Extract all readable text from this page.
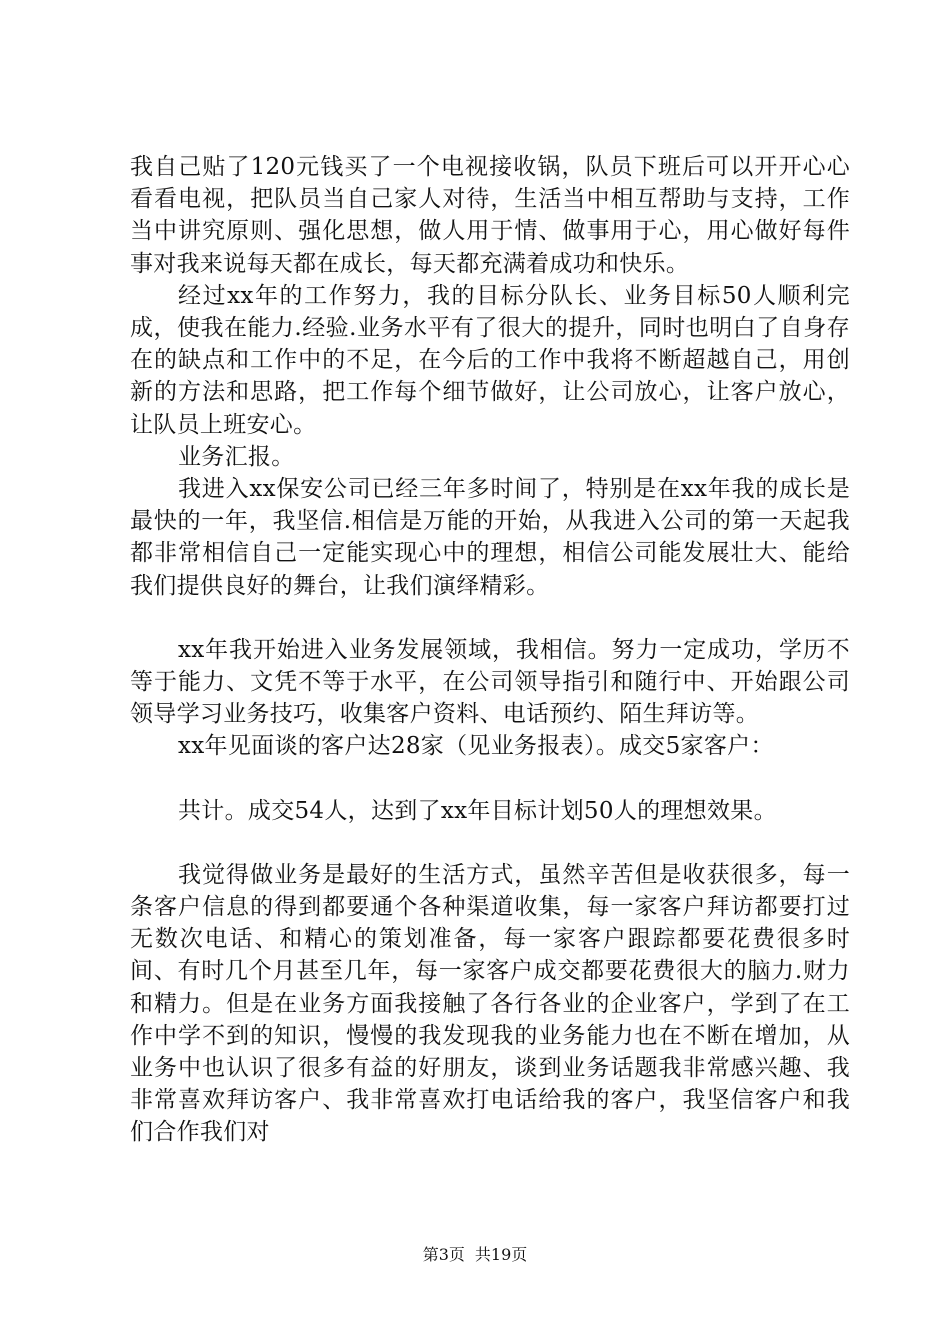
我自己贴了120元钱买了一个电视接收锅，队员下班后可以开开心心看看电视，把队员当自己家人对待，生活当中相互帮助与支持，工作当中讲究原则、强化思想，做人用于情、做事用于心，用心做好每件事对我来说每天都在成长，每天都充满着成功和快乐。

经过xx年的工作努力，我的目标分队长、业务目标50人顺利完成，使我在能力.经验.业务水平有了很大的提升，同时也明白了自身存在的缺点和工作中的不足，在今后的工作中我将不断超越自己，用创新的方法和思路，把工作每个细节做好，让公司放心，让客户放心，让队员上班安心。

业务汇报。

我进入xx保安公司已经三年多时间了，特别是在xx年我的成长是最快的一年，我坚信.相信是万能的开始，从我进入公司的第一天起我都非常相信自己一定能实现心中的理想，相信公司能发展壮大、能给我们提供良好的舞台，让我们演绎精彩。

xx年我开始进入业务发展领域，我相信。努力一定成功，学历不等于能力、文凭不等于水平，在公司领导指引和随行中、开始跟公司领导学习业务技巧，收集客户资料、电话预约、陌生拜访等。

xx年见面谈的客户达28家（见业务报表）。成交5家客户：

共计。成交54人，达到了xx年目标计划50人的理想效果。

我觉得做业务是最好的生活方式，虽然辛苦但是收获很多，每一条客户信息的得到都要通个各种渠道收集，每一家客户拜访都要打过无数次电话、和精心的策划准备，每一家客户跟踪都要花费很多时间、有时几个月甚至几年，每一家客户成交都要花费很大的脑力.财力和精力。但是在业务方面我接触了各行各业的企业客户，学到了在工作中学不到的知识，慢慢的我发现我的业务能力也在不断在增加，从业务中也认识了很多有益的好朋友，谈到业务话题我非常感兴趣、我非常喜欢拜访客户、我非常喜欢打电话给我的客户，我坚信客户和我们合作我们对

第3页 共19页
